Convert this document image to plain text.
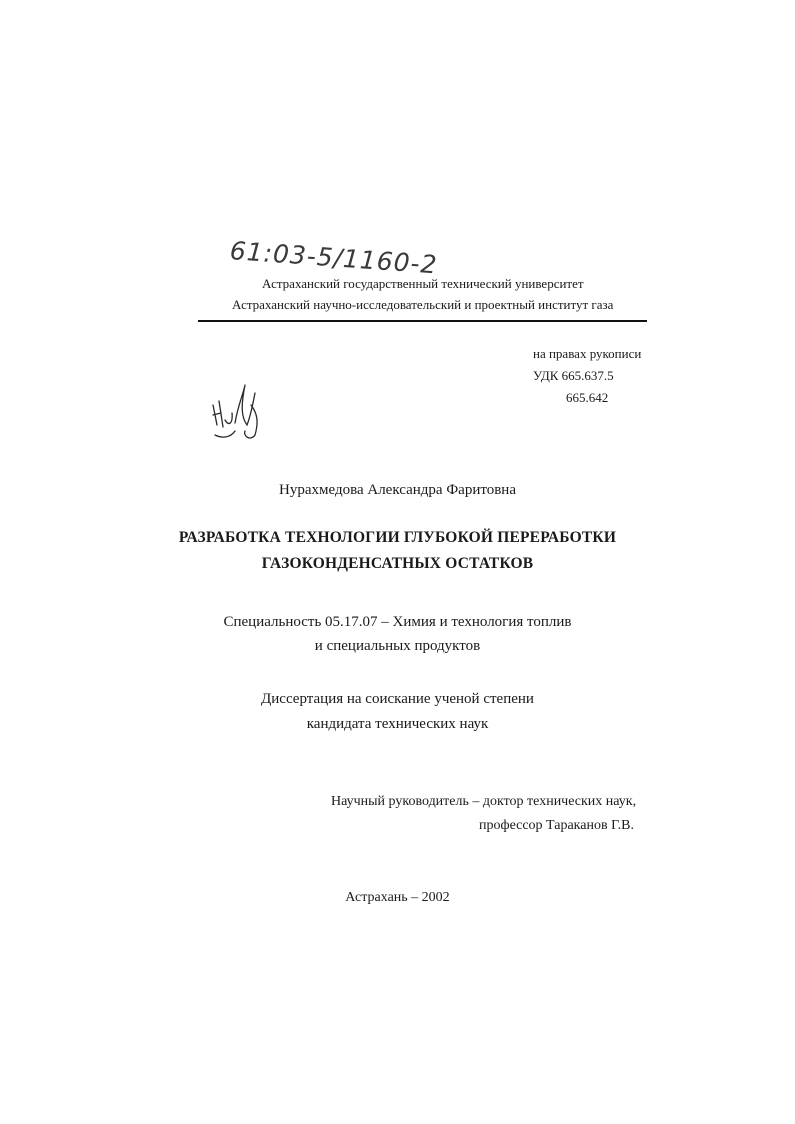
61:03-5/1160-2
Астраханский государственный технический университет
Астраханский научно-исследовательский и проектный институт газа
на правах рукописи
УДК 665.637.5
665.642
Нурахмедова Александра Фаритовна
РАЗРАБОТКА ТЕХНОЛОГИИ ГЛУБОКОЙ ПЕРЕРАБОТКИ
ГАЗОКОНДЕНСАТНЫХ ОСТАТКОВ
Специальность 05.17.07 – Химия и технология топлив
и специальных продуктов
Диссертация на соискание ученой степени
кандидата технических наук
Научный руководитель – доктор технических наук,
профессор Тараканов Г.В.
Астрахань – 2002
